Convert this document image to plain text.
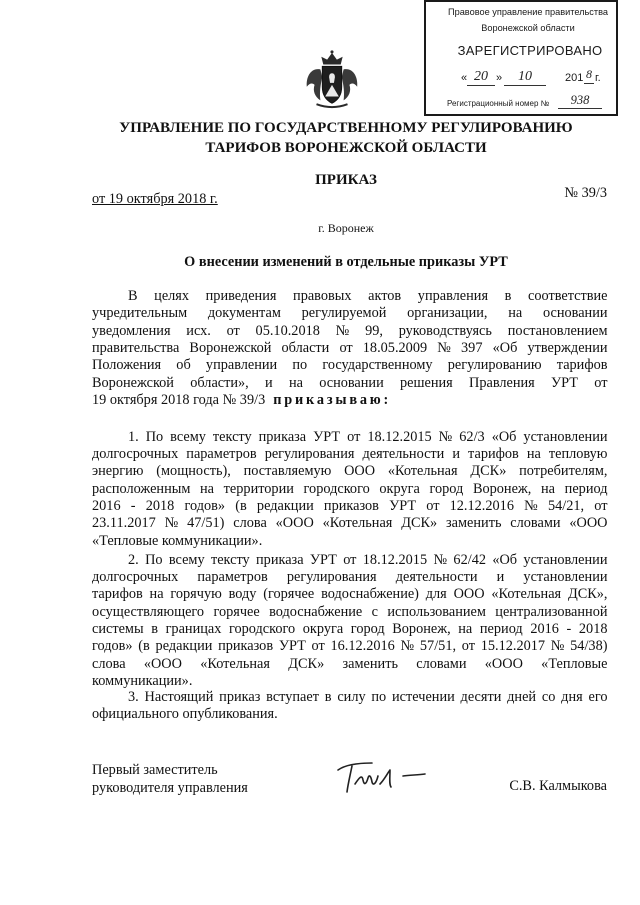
Правовое управление правительства
Воронежской области
ЗАРЕГИСТРИРОВАНО
« 20 »	10	201 8 г.
Регистрационный номер №	938
УПРАВЛЕНИЕ ПО ГОСУДАРСТВЕННОМУ РЕГУЛИРОВАНИЮ
ТАРИФОВ ВОРОНЕЖСКОЙ ОБЛАСТИ
ПРИКАЗ
от 19 октября 2018 г.	№ 39/3
г. Воронеж
О внесении изменений в отдельные приказы УРТ
В целях приведения правовых актов управления в соответствие
учредительным документам регулируемой организации, на основании
уведомления исх. от 05.10.2018 № 99, руководствуясь постановлением
правительства Воронежской области от 18.05.2009 № 397 «Об утверждении
Положения об управлении по государственному регулированию тарифов
Воронежской области», и на основании решения Правления УРТ от
19 октября 2018 года № 39/3 приказываю:
1. По всему тексту приказа УРТ от 18.12.2015 № 62/3 «Об установлении
долгосрочных параметров регулирования деятельности и тарифов на тепловую
энергию (мощность), поставляемую ООО «Котельная ДСК» потребителям,
расположенным на территории городского округа город Воронеж, на период
2016 - 2018 годов» (в редакции приказов УРТ от 12.12.2016 № 54/21, от
23.11.2017 № 47/51) слова «ООО «Котельная ДСК» заменить словами «ООО
«Тепловые коммуникации».
2. По всему тексту приказа УРТ от 18.12.2015 № 62/42 «Об установлении
долгосрочных параметров регулирования деятельности и установлении
тарифов на горячую воду (горячее водоснабжение) для ООО «Котельная ДСК»,
осуществляющего горячее водоснабжение с использованием централизованной
системы в границах городского округа город Воронеж, на период 2016 - 2018
годов» (в редакции приказов УРТ от 16.12.2016 № 57/51, от 15.12.2017 № 54/38)
слова «ООО «Котельная ДСК» заменить словами «ООО «Тепловые
коммуникации».
3. Настоящий приказ вступает в силу по истечении десяти дней со дня его
официального опубликования.
Первый заместитель
руководителя управления	С.В. Калмыкова
